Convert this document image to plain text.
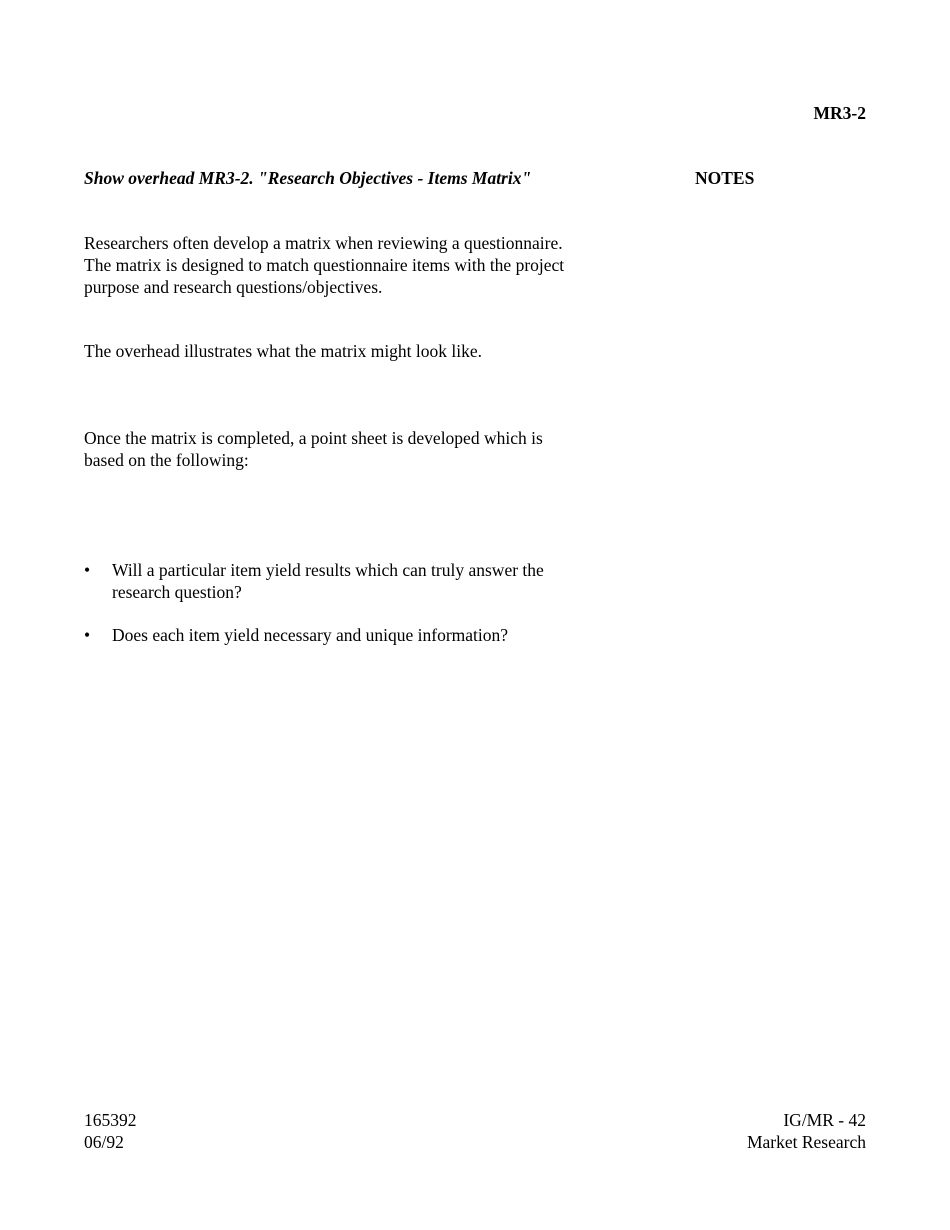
MR3-2
Show overhead MR3-2. "Research Objectives - Items Matrix"	NOTES

Researchers often develop a matrix when reviewing a questionnaire. The matrix is designed to match questionnaire items with the project purpose and research questions/objectives.

The overhead illustrates what the matrix might look like.

Once the matrix is completed, a point sheet is developed which is based on the following:

• Will a particular item yield results which can truly answer the research question?
• Does each item yield necessary and unique information?
165392
06/92
IG/MR - 42
Market Research
